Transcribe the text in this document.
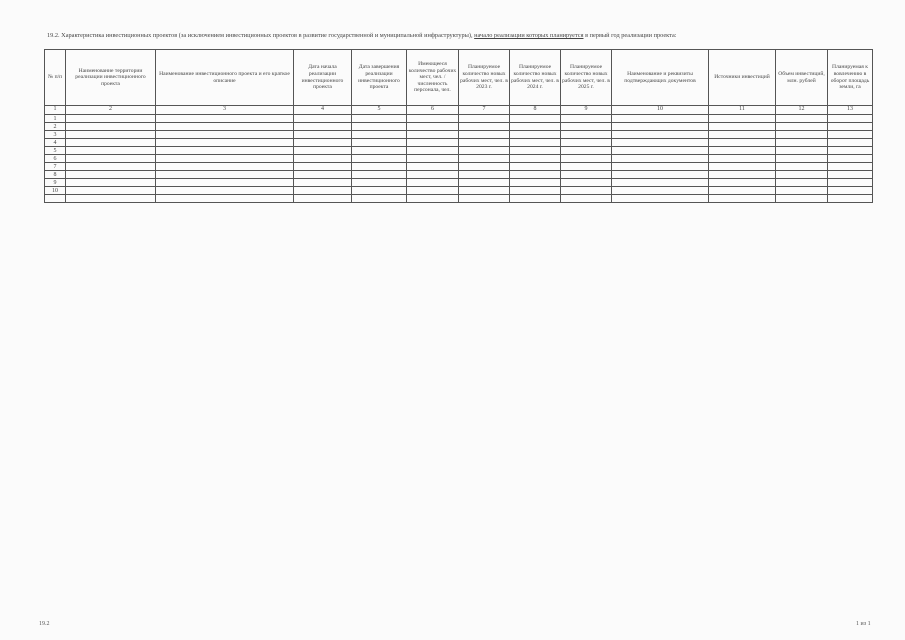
19.2. Характеристика инвестиционных проектов (за исключением инвестиционных проектов в развитие государственной и муниципальной инфраструктуры), начало реализации которых планируется в первый год реализации проекта:
№ п/п	Наименование территории реализации инвестиционного проекта	Наименование инвестиционного проекта и его краткое описание	Дата начала реализации инвестиционного проекта	Дата завершения реализации инвестиционного проекта	Имеющееся количество рабочих мест, чел. / численность персонала, чел.	Планируемое количество новых рабочих мест, чел. в 2023 г.	Планируемое количество новых рабочих мест, чел. в 2024 г.	Планируемое количество новых рабочих мест, чел. в 2025 г.	Наименование и реквизиты подтверждающих документов	Источники инвестиций	Объем инвестиций, млн. рублей	Планируемая к вовлечению в оборот площадь земли, га
1	2	3	4	5	6	7	8	9	10	11	12	13
1												
2												
3												
4												
5												
6												
7												
8												
9												
10												

19.2	1 из 1
